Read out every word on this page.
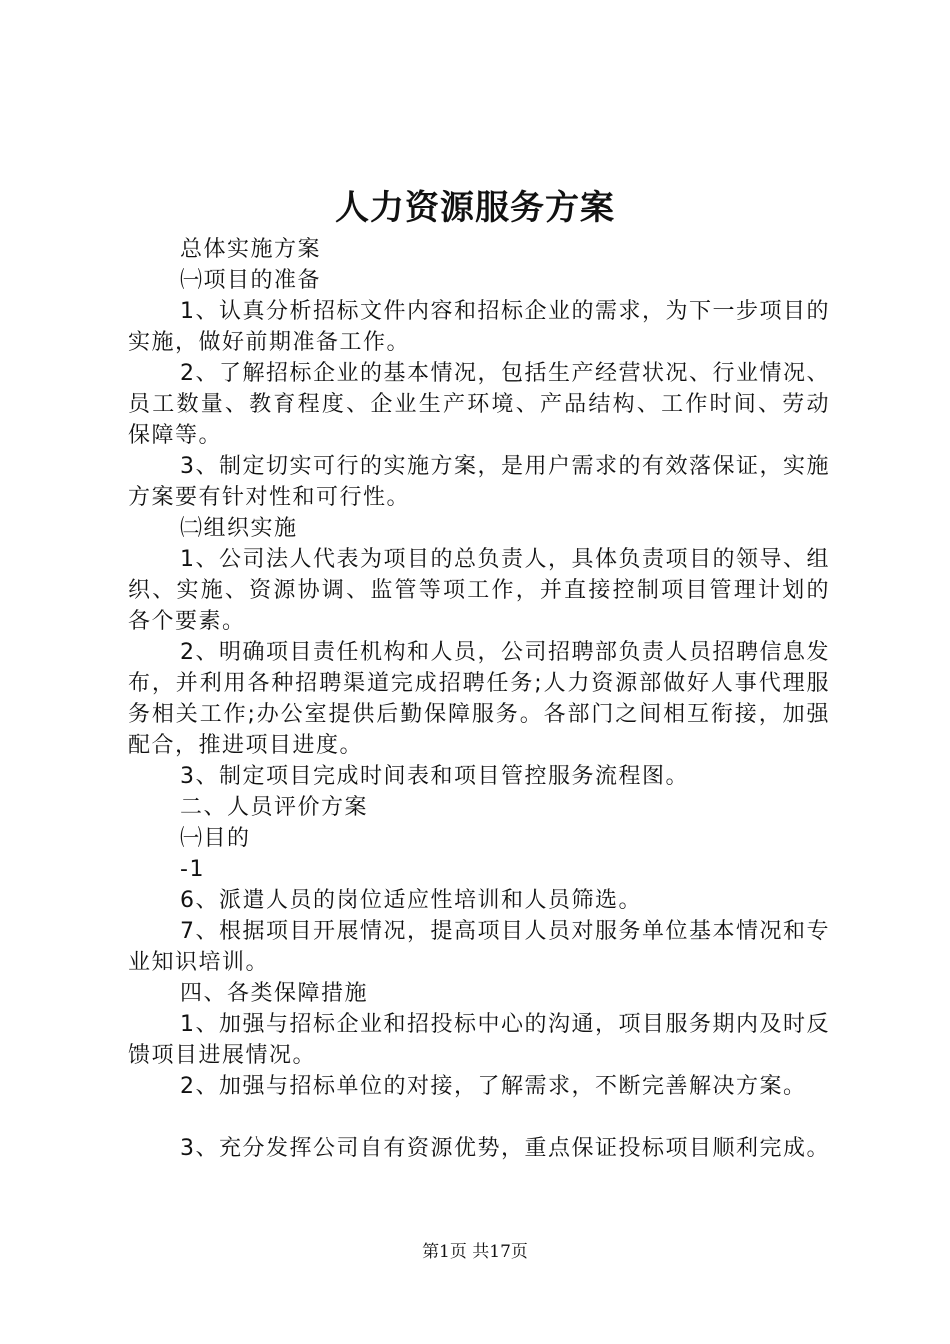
人力资源服务方案

总体实施方案

㈠项目的准备

1、认真分析招标文件内容和招标企业的需求，为下一步项目的实施，做好前期准备工作。

2、了解招标企业的基本情况，包括生产经营状况、行业情况、员工数量、教育程度、企业生产环境、产品结构、工作时间、劳动保障等。

3、制定切实可行的实施方案，是用户需求的有效落保证，实施方案要有针对性和可行性。

㈡组织实施

1、公司法人代表为项目的总负责人，具体负责项目的领导、组织、实施、资源协调、监管等项工作，并直接控制项目管理计划的各个要素。

2、明确项目责任机构和人员，公司招聘部负责人员招聘信息发布，并利用各种招聘渠道完成招聘任务;人力资源部做好人事代理服务相关工作;办公室提供后勤保障服务。各部门之间相互衔接，加强配合，推进项目进度。

3、制定项目完成时间表和项目管控服务流程图。

二、人员评价方案

㈠目的

-1

6、派遣人员的岗位适应性培训和人员筛选。

7、根据项目开展情况，提高项目人员对服务单位基本情况和专业知识培训。

四、各类保障措施

1、加强与招标企业和招投标中心的沟通，项目服务期内及时反馈项目进展情况。

2、加强与招标单位的对接，了解需求，不断完善解决方案。

3、充分发挥公司自有资源优势，重点保证投标项目顺利完成。

第1页 共17页
